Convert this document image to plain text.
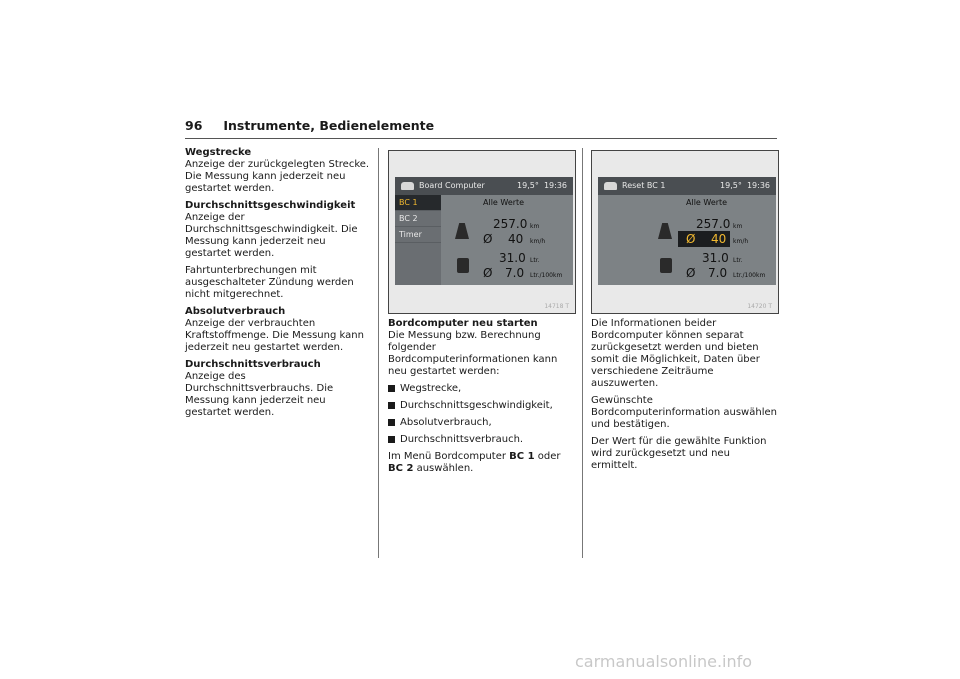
96 Instrumente, Bedienelemente

Wegstrecke
Anzeige der zurückgelegten Strecke. Die Messung kann jederzeit neu gestartet werden.

Durchschnittsgeschwindigkeit
Anzeige der Durchschnittsgeschwindigkeit. Die Messung kann jederzeit neu gestartet werden.

Fahrtunterbrechungen mit ausgeschalteter Zündung werden nicht mitgerechnet.

Absolutverbrauch
Anzeige der verbrauchten Kraftstoffmenge. Die Messung kann jederzeit neu gestartet werden.

Durchschnittsverbrauch
Anzeige des Durchschnittsverbrauchs. Die Messung kann jederzeit neu gestartet werden.

Board Computer	19,5° 19:36
BC 1
BC 2
Timer
Alle Werte
257.0 km
Ø 40 km/h
31.0 Ltr.
Ø 7.0 Ltr./100km
14718 T

Bordcomputer neu starten
Die Messung bzw. Berechnung folgender Bordcomputerinformationen kann neu gestartet werden:

Wegstrecke,
Durchschnittsgeschwindigkeit,
Absolutverbrauch,
Durchschnittsverbrauch.

Im Menü Bordcomputer BC 1 oder BC 2 auswählen.

Reset BC 1	19,5° 19:36
Alle Werte
257.0 km
Ø 40 km/h
31.0 Ltr.
Ø 7.0 Ltr./100km
14720 T

Die Informationen beider Bordcomputer können separat zurückgesetzt werden und bieten somit die Möglichkeit, Daten über verschiedene Zeiträume auszuwerten.

Gewünschte Bordcomputerinformation auswählen und bestätigen.

Der Wert für die gewählte Funktion wird zurückgesetzt und neu ermittelt.

carmanualsonline.info
